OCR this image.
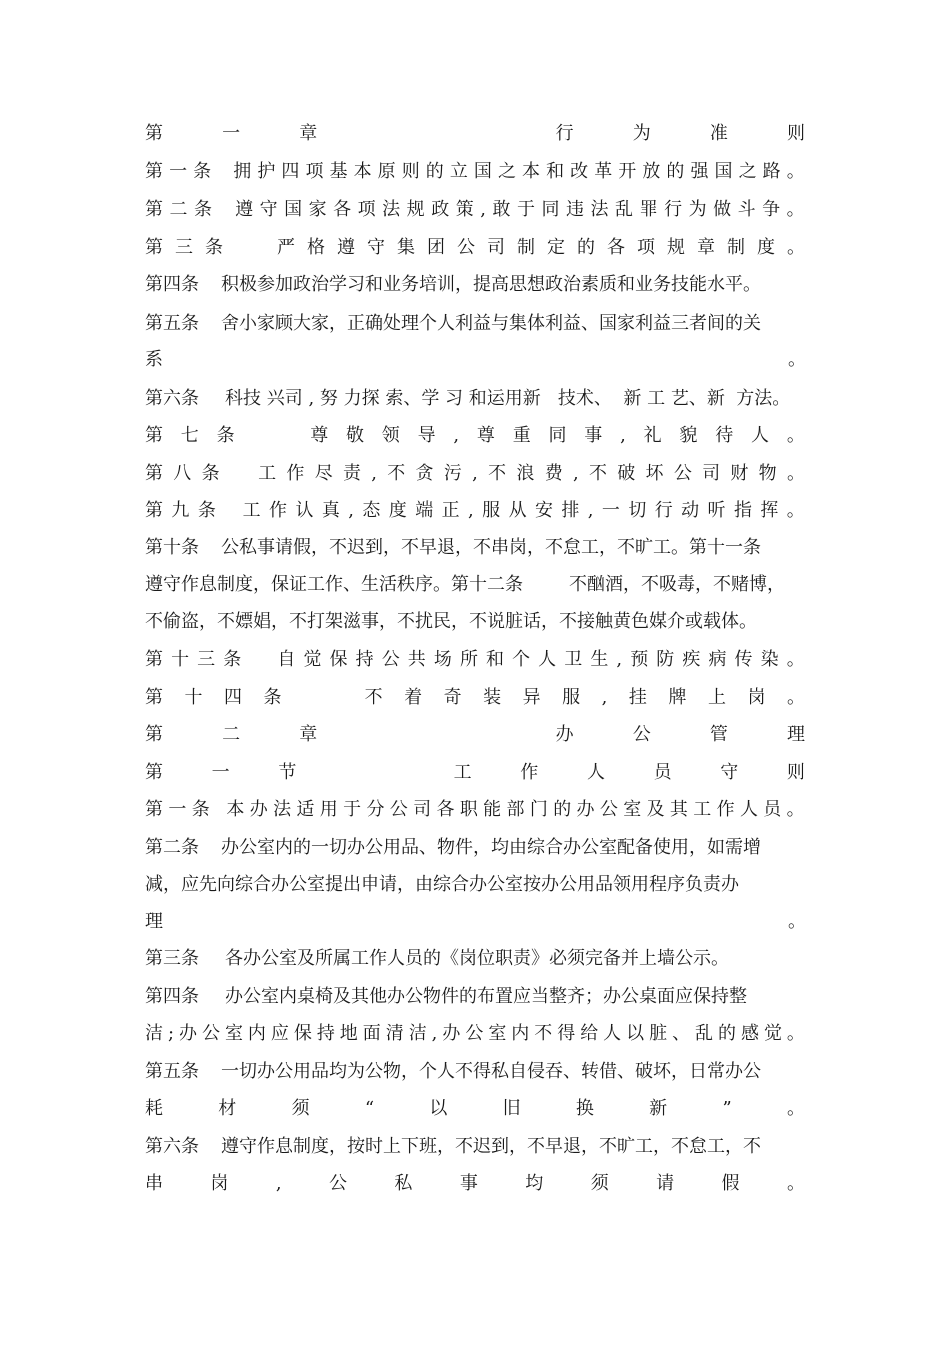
第	一	章	行	为	准	则
第 一 条 拥 护 四 项 基 本 原 则 的 立 国 之 本 和 改 革 开 放 的 强 国 之 路 。
第 二 条 遵 守 国 家 各 项 法 规 政 策 , 敢 于 同 违 法 乱 罪 行 为 做 斗 争 。
第 三 条	严 格 遵 守 集 团 公 司 制 定 的 各 项 规 章 制 度 。
第四条 积极参加政治学习和业务培训，提高思想政治素质和业务技能水平。
第五条 舍小家顾大家，正确处理个人利益与集体利益、国家利益三者间的关
系	。
第六条 科技 兴司 , 努 力探 索、学 习 和运用新   技术、  新 工 艺、新  方法。
第 七 条	尊 敬 领 导 , 尊 重 同 事 , 礼 貌 待 人 。
第 八 条 工 作 尽 责 , 不 贪 污 , 不 浪 费 , 不 破 坏 公 司 财 物 。
第 九 条 工 作 认 真 , 态 度 端 正 , 服 从 安 排 , 一 切 行 动 听 指 挥 。
第十条 公私事请假，不迟到，不早退，不串岗，不怠工，不旷工。第十一条
遵守作息制度，保证工作、生活秩序。第十二条	不酗酒，不吸毒，不赌博，
不偷盗，不嫖娼，不打架滋事，不扰民，不说脏话，不接触黄色媒介或载体。
第 十 三 条 自 觉 保 持 公 共 场 所 和 个 人 卫 生 , 预 防 疾 病 传 染 。
第 十 四 条	不 着 奇 装 异 服 , 挂 牌 上 岗 。
第	二	章	办	公	管	理
第	一	节	工	作	人	员	守	则
第 一 条 本 办 法 适 用 于 分 公 司 各 职 能 部 门 的 办 公 室 及 其 工 作 人 员 。
第二条 办公室内的一切办公用品、物件，均由综合办公室配备使用，如需增
减，应先向综合办公室提出申请，由综合办公室按办公用品领用程序负责办
理	。
第三条 各办公室及所属工作人员的《岗位职责》必须完备并上墙公示。
第四条 办公室内桌椅及其他办公物件的布置应当整齐；办公桌面应保持整
洁 ; 办 公 室 内 应 保 持 地 面 清 洁 , 办 公 室 内 不 得 给 人 以 脏 、 乱 的 感 觉 。
第五条 一切办公用品均为公物，个人不得私自侵吞、转借、破坏，日常办公
耗	材	须	“	以	旧	换	新	”	。
第六条 遵守作息制度，按时上下班，不迟到，不早退，不旷工，不怠工，不
串	岗	,	公	私	事	均	须	请	假	。
